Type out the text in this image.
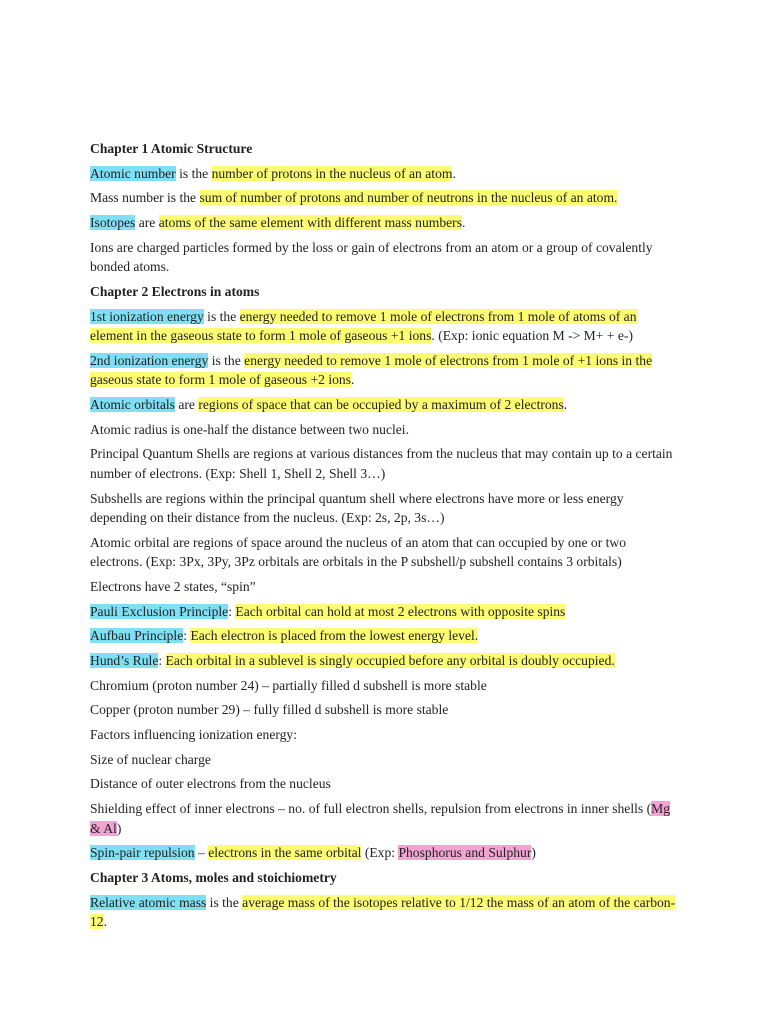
Chapter 1 Atomic Structure

Atomic number is the number of protons in the nucleus of an atom.

Mass number is the sum of number of protons and number of neutrons in the nucleus of an atom.

Isotopes are atoms of the same element with different mass numbers.

Ions are charged particles formed by the loss or gain of electrons from an atom or a group of covalently bonded atoms.

Chapter 2 Electrons in atoms

1st ionization energy is the energy needed to remove 1 mole of electrons from 1 mole of atoms of an element in the gaseous state to form 1 mole of gaseous +1 ions. (Exp: ionic equation M -> M+ + e-)

2nd ionization energy is the energy needed to remove 1 mole of electrons from 1 mole of +1 ions in the gaseous state to form 1 mole of gaseous +2 ions.

Atomic orbitals are regions of space that can be occupied by a maximum of 2 electrons.

Atomic radius is one-half the distance between two nuclei.

Principal Quantum Shells are regions at various distances from the nucleus that may contain up to a certain number of electrons. (Exp: Shell 1, Shell 2, Shell 3…)

Subshells are regions within the principal quantum shell where electrons have more or less energy depending on their distance from the nucleus. (Exp: 2s, 2p, 3s…)

Atomic orbital are regions of space around the nucleus of an atom that can occupied by one or two electrons. (Exp: 3Px, 3Py, 3Pz orbitals are orbitals in the P subshell/p subshell contains 3 orbitals)

Electrons have 2 states, “spin”

Pauli Exclusion Principle: Each orbital can hold at most 2 electrons with opposite spins

Aufbau Principle: Each electron is placed from the lowest energy level.

Hund’s Rule: Each orbital in a sublevel is singly occupied before any orbital is doubly occupied.

Chromium (proton number 24) – partially filled d subshell is more stable

Copper (proton number 29) – fully filled d subshell is more stable

Factors influencing ionization energy:

Size of nuclear charge

Distance of outer electrons from the nucleus

Shielding effect of inner electrons – no. of full electron shells, repulsion from electrons in inner shells (Mg & Al)

Spin-pair repulsion – electrons in the same orbital (Exp: Phosphorus and Sulphur)

Chapter 3 Atoms, moles and stoichiometry

Relative atomic mass is the average mass of the isotopes relative to 1/12 the mass of an atom of the carbon-12.
